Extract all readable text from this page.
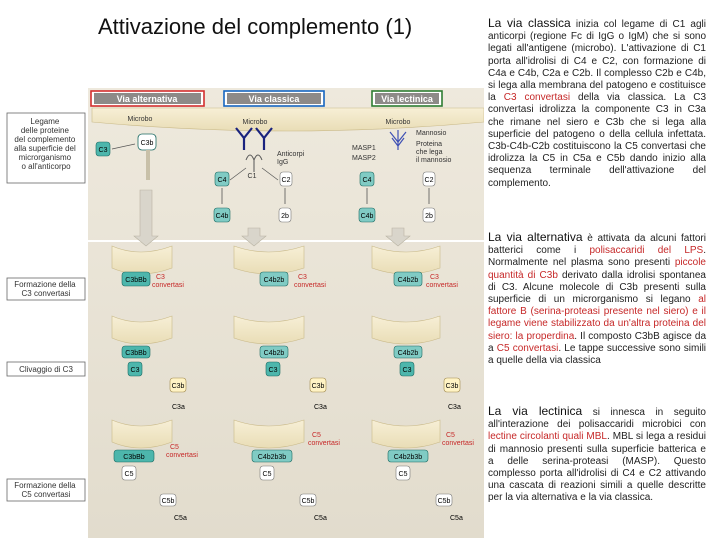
Attivazione del complemento (1)
Via alternativa	Via classica	Via lectinica
Legame delle proteine del complemento alla superficie del microrganismo o all'anticorpo
Formazione della C3 convertasi
Clivaggio di C3
Formazione della C5 convertasi
Microbo	Microbo
Microbo
C3
C3b
Anticorpi IgG
C1
C4	C2
C4b	2b
Mannosio
Proteina che lega il mannosio
MASP1
MASP2
C4	C2
C4b	2b
C3bBb	C3 convertasi
C4b2b	C3 convertasi
C4b2b	C3 convertasi
C3bBb
C3
C3b
C3a
C4b2b
C3
C3b
C3a
C4b2b
C3
C3b
C3a
C3bBb
C5
C5
convertasi
C5b
C5a
C4b2b3b
C5
C5
convertasi
C5b
C5a
C4b2b3b
C5
C5
convertasi
C5b
C5a
La via classica inizia col legame di C1 agli anticorpi (regione Fc di IgG o IgM) che si sono legati all'antigene (microbo). L'attivazione di C1 porta all'idrolisi di C4 e C2, con formazione di C4a e C4b, C2a e C2b. Il complesso C2b e C4b, si lega alla membrana del patogeno e costituisce la C3 convertasi della via classica. La C3 convertasi idrolizza la componente C3 in C3a che rimane nel siero e C3b che si lega alla superficie del patogeno o della cellula infettata. C3b-C4b-C2b costituiscono la C5 convertasi che idrolizza la C5 in C5a e C5b dando inizio alla sequenza terminale dell'attivazione del complemento.
La via alternativa è attivata da alcuni fattori batterici come i polisaccaridi del LPS. Normalmente nel plasma sono presenti piccole quantità di C3b derivato dalla idrolisi spontanea di C3. Alcune molecole di C3b presenti sulla superficie di un microrganismo si legano al fattore B (serina-proteasi presente nel siero) e il legame viene stabilizzato da un'altra proteina del siero: la properdina. Il composto C3bB agisce da a C5 convertasi. Le tappe successive sono simili a quelle della via classica
La via lectinica si innesca in seguito all'interazione dei polisaccaridi microbici con lectine circolanti quali MBL. MBL si lega a residui di mannosio presenti sulla superficie batterica e a delle serina-proteasi (MASP). Questo complesso porta all'idrolisi di C4 e C2 attivando una cascata di reazioni simili a quelle descritte per la via alternativa e la via classica.
